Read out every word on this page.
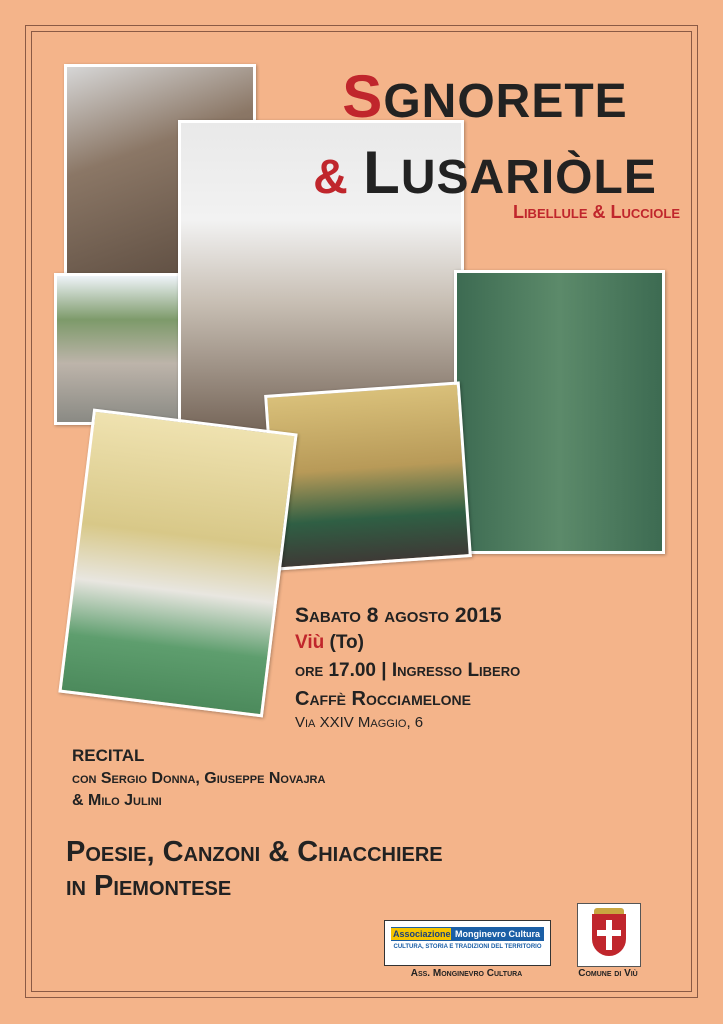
SGNORETE
& LUSARIÒLE
Libellule & Lucciole
Sabato 8 agosto 2015
Viù (To)
ore 17.00 | Ingresso Libero
Caffè Rocciamelone
Via XXIV Maggio, 6
RECITAL
con Sergio Donna, Giuseppe Novajra
& Milo Julini
Poesie, Canzoni & Chiacchiere
in Piemontese
Associazione Monginevro Cultura
CULTURA, STORIA E TRADIZIONI DEL TERRITORIO
Ass. Monginevro Cultura	Comune di Viù
